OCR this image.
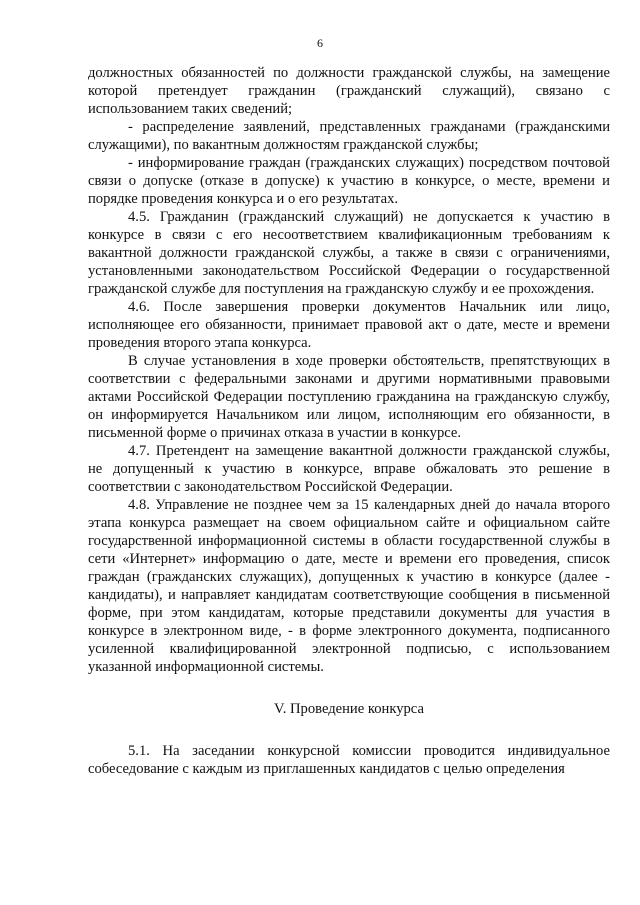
6

должностных обязанностей по должности гражданской службы, на замещение которой претендует гражданин (гражданский служащий), связано с использованием таких сведений;

- распределение заявлений, представленных гражданами (гражданскими служащими), по вакантным должностям гражданской службы;

- информирование граждан (гражданских служащих) посредством почтовой связи о допуске (отказе в допуске) к участию в конкурсе, о месте, времени и порядке проведения конкурса и о его результатах.

4.5. Гражданин (гражданский служащий) не допускается к участию в конкурсе в связи с его несоответствием квалификационным требованиям к вакантной должности гражданской службы, а также в связи с ограничениями, установленными законодательством Российской Федерации о государственной гражданской службе для поступления на гражданскую службу и ее прохождения.

4.6. После завершения проверки документов Начальник или лицо, исполняющее его обязанности, принимает правовой акт о дате, месте и времени проведения второго этапа конкурса.

В случае установления в ходе проверки обстоятельств, препятствующих в соответствии с федеральными законами и другими нормативными правовыми актами Российской Федерации поступлению гражданина на гражданскую службу, он информируется Начальником или лицом, исполняющим его обязанности, в письменной форме о причинах отказа в участии в конкурсе.

4.7. Претендент на замещение вакантной должности гражданской службы, не допущенный к участию в конкурсе, вправе обжаловать это решение в соответствии с законодательством Российской Федерации.

4.8. Управление не позднее чем за 15 календарных дней до начала второго этапа конкурса размещает на своем официальном сайте и официальном сайте государственной информационной системы в области государственной службы в сети «Интернет» информацию о дате, месте и времени его проведения, список граждан (гражданских служащих), допущенных к участию в конкурсе (далее - кандидаты), и направляет кандидатам соответствующие сообщения в письменной форме, при этом кандидатам, которые представили документы для участия в конкурсе в электронном виде, - в форме электронного документа, подписанного усиленной квалифицированной электронной подписью, с использованием указанной информационной системы.

V. Проведение конкурса

5.1. На заседании конкурсной комиссии проводится индивидуальное собеседование с каждым из приглашенных кандидатов с целью определения
